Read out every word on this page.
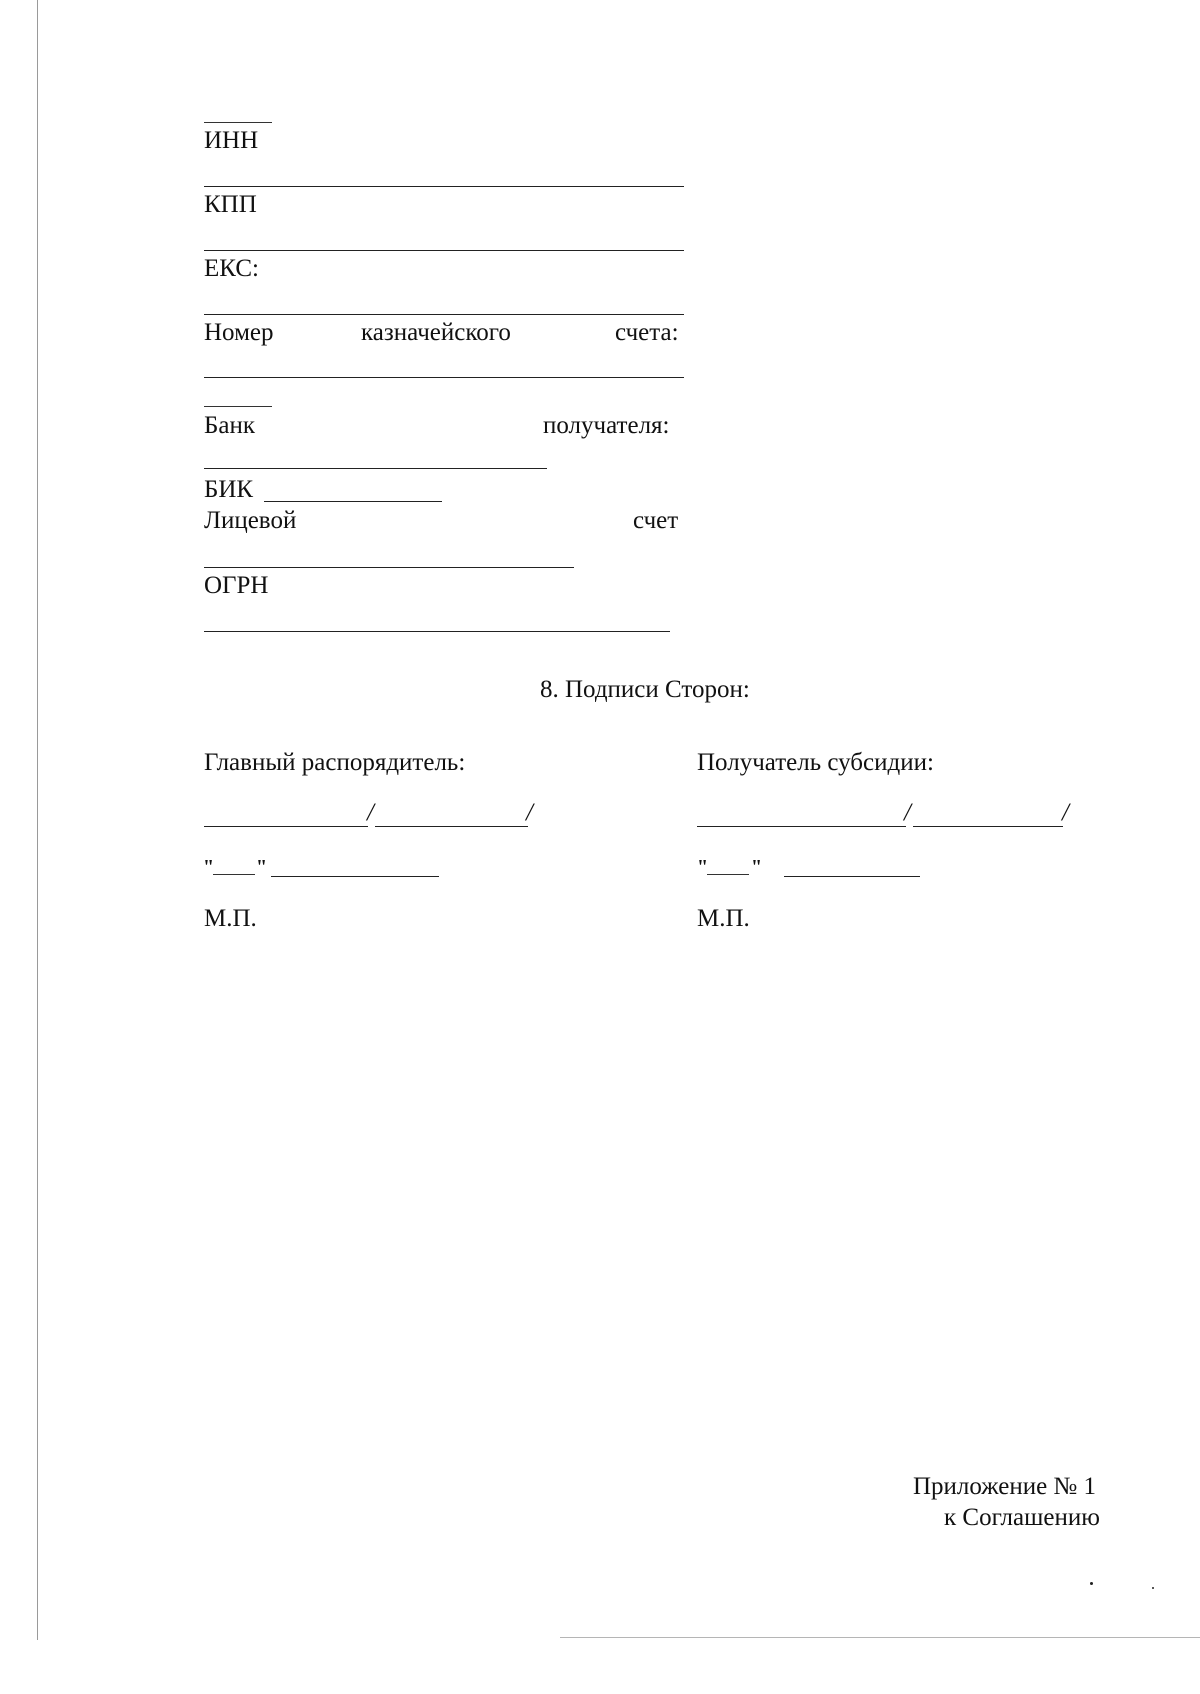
ИНН
КПП
ЕКС:
Номер	казначейского	счета:
Банк	получателя:
БИК
Лицевой	счет
ОГРН
8. Подписи Сторон:
Главный распорядитель:
/	/
" "
М.П.
Получатель субсидии:
/	/
" "
М.П.
Приложение № 1
к Соглашению
